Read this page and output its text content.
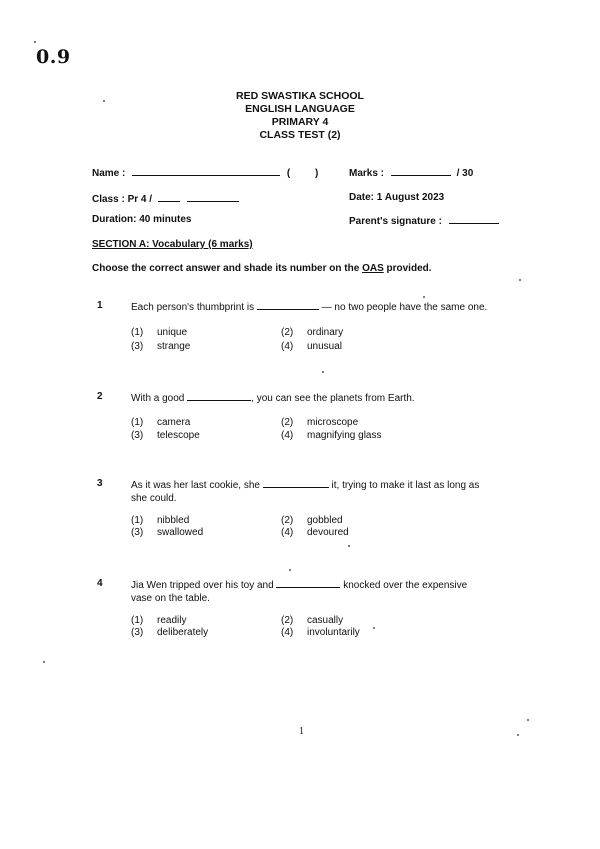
0.9
RED SWASTIKA SCHOOL
ENGLISH LANGUAGE
PRIMARY 4
CLASS TEST (2)
Name :	( )	Marks :	/ 30
Class : Pr 4 /	Date: 1 August 2023
Duration: 40 minutes	Parent's signature :
SECTION A: Vocabulary (6 marks)
Choose the correct answer and shade its number on the OAS provided.
1	Each person's thumbprint is	— no two people have the same one.
(1) unique	(2) ordinary
(3) strange	(4) unusual
2	With a good	, you can see the planets from Earth.
(1) camera	(2) microscope
(3) telescope	(4) magnifying glass
3	As it was her last cookie, she	it, trying to make it last as long as
she could.
(1) nibbled	(2) gobbled
(3) swallowed	(4) devoured
4	Jia Wen tripped over his toy and	knocked over the expensive
vase on the table.
(1) readily	(2) casually
(3) deliberately	(4) involuntarily
1
